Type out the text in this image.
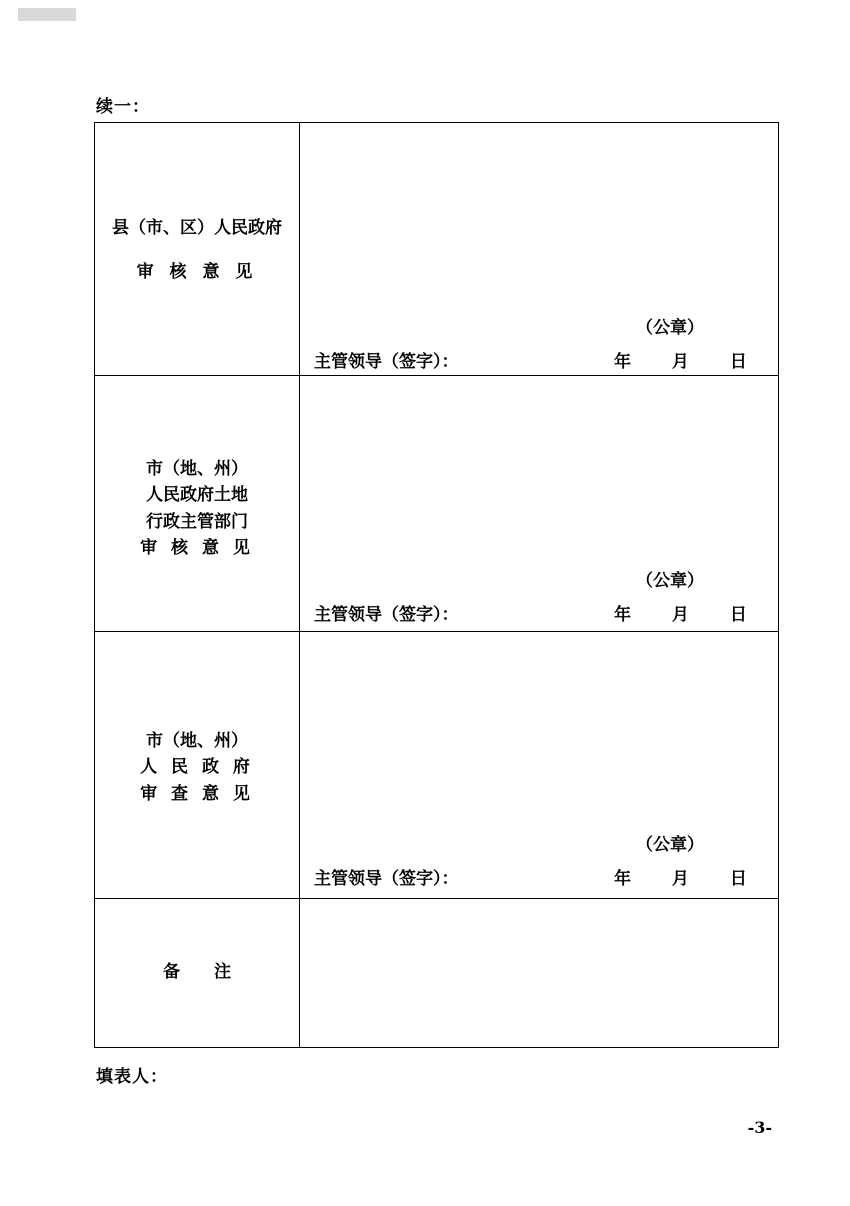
续一：
县（市、区）人民政府
审 核 意 见

（公章）
主管领导（签字）：	年 月 日

市（地、州）
人民政府土地
行政主管部门
审 核 意 见

（公章）
主管领导（签字）：	年 月 日

市（地、州）
人 民 政 府
审 查 意 见

（公章）
主管领导（签字）：	年 月 日

备　　注	

填表人：
-3-
